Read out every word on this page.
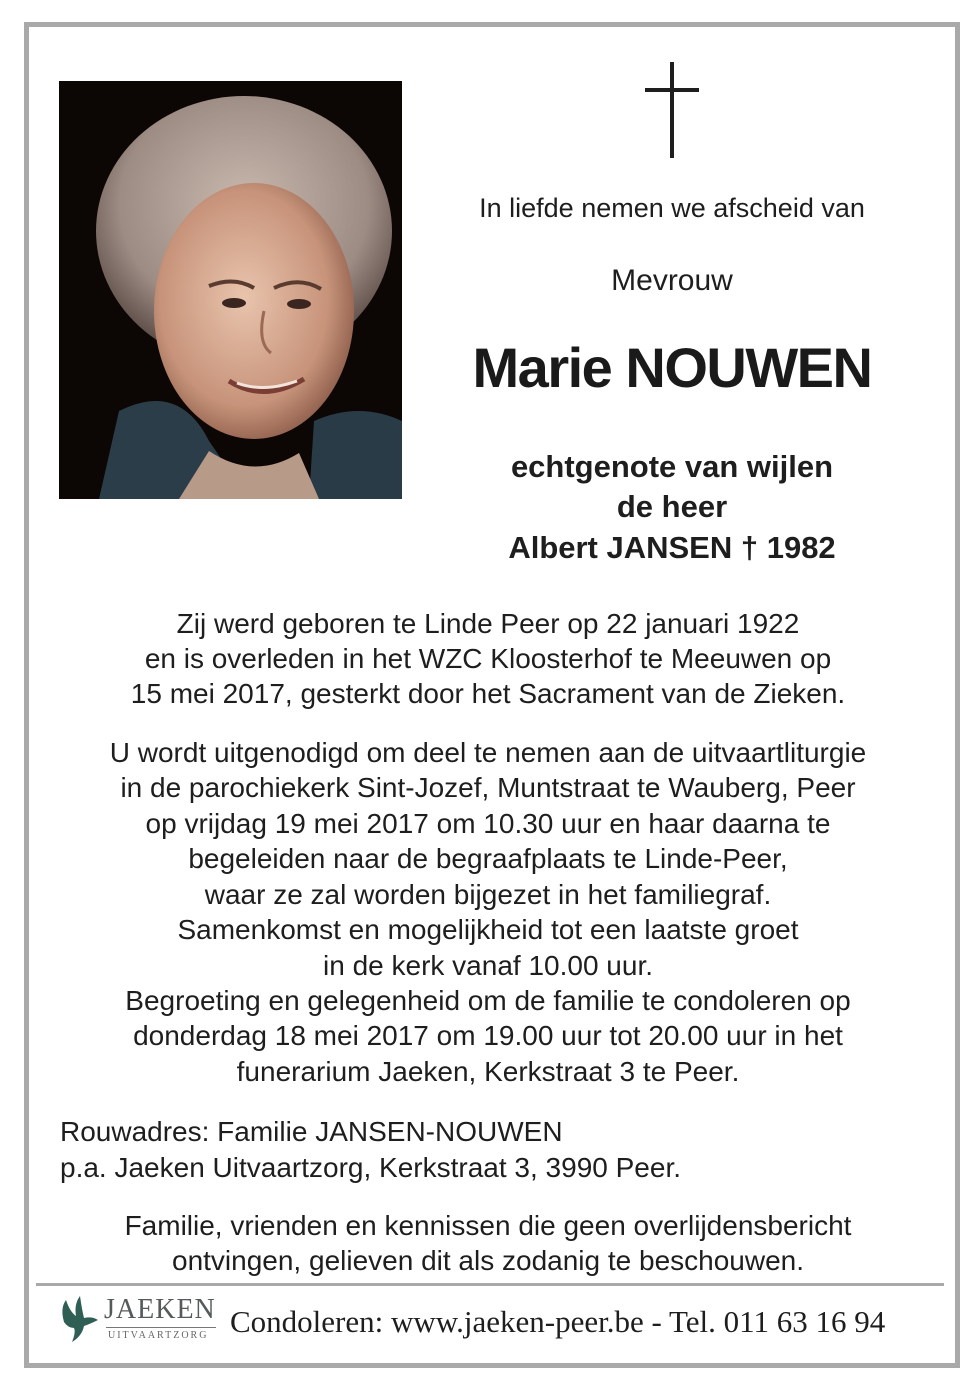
In liefde nemen we afscheid van
Mevrouw
Marie NOUWEN
echtgenote van wijlen
de heer
Albert JANSEN † 1982
Zij werd geboren te Linde Peer op 22 januari 1922
en is overleden in het WZC Kloosterhof te Meeuwen op
15 mei 2017, gesterkt door het Sacrament van de Zieken.
U wordt uitgenodigd om deel te nemen aan de uitvaartliturgie
in de parochiekerk Sint-Jozef, Muntstraat te Wauberg, Peer
op vrijdag 19 mei 2017 om 10.30 uur en haar daarna te
begeleiden naar de begraafplaats te Linde-Peer,
waar ze zal worden bijgezet in het familiegraf.
Samenkomst en mogelijkheid tot een laatste groet
in de kerk vanaf 10.00 uur.
Begroeting en gelegenheid om de familie te condoleren op
donderdag 18 mei 2017 om 19.00 uur tot 20.00 uur in het
funerarium Jaeken, Kerkstraat 3 te Peer.
Rouwadres: Familie JANSEN-NOUWEN
p.a. Jaeken Uitvaartzorg, Kerkstraat 3, 3990 Peer.
Familie, vrienden en kennissen die geen overlijdensbericht
ontvingen, gelieven dit als zodanig te beschouwen.
JAEKEN
UITVAARTZORG Condoleren: www.jaeken-peer.be - Tel. 011 63 16 94
